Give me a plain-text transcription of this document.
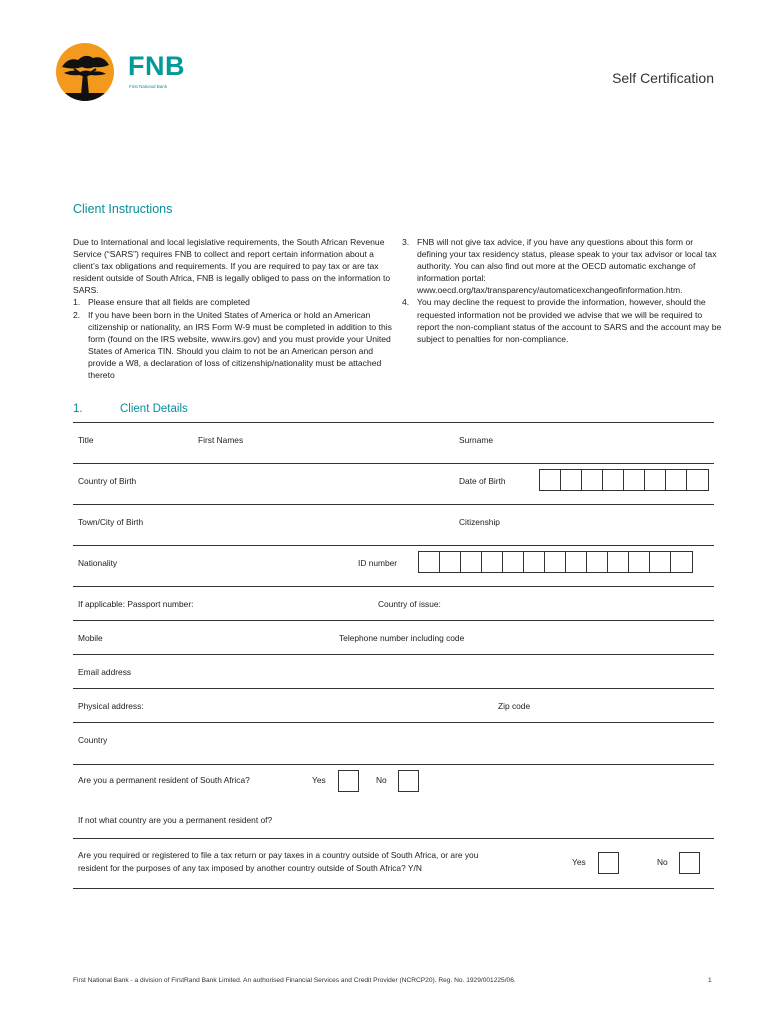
FNB
First National Bank
Self Certification
Client Instructions

Due to International and local legislative requirements, the South African Revenue Service (“SARS”) requires FNB to collect and report certain information about a client’s tax obligations and requirements. If you are required to pay tax or are tax resident outside of South Africa, FNB is legally obliged to pass on the information to SARS.

1. Please ensure that all fields are completed
2. If you have been born in the United States of America or hold an American citizenship or nationality, an IRS Form W-9 must be completed in addition to this form (found on the IRS website, www.irs.gov) and you must provide your United States of America TIN. Should you claim to not be an American person and provide a W8, a declaration of loss of citizenship/nationality must be attached thereto
3. FNB will not give tax advice, if you have any questions about this form or defining your tax residency status, please speak to your tax advisor or local tax authority. You can also find out more at the OECD automatic exchange of information portal: www.oecd.org/tax/transparency/automaticexchangeofinformation.htm.
4. You may decline the request to provide the information, however, should the requested information not be provided we advise that we will be required to report the non-compliant status of the account to SARS and the account may be subject to penalties for non-compliance.
1.	Client Details
Title	First Names	Surname
Country of Birth	Date of Birth
Town/City of Birth	Citizenship
Nationality	ID number
If applicable: Passport number:	Country of issue:
Mobile	Telephone number including code
Email address
Physical address:	Zip code
Country
Are you a permanent resident of South Africa?	Yes	No
If not what country are you a permanent resident of?
Are you required or registered to file a tax return or pay taxes in a country outside of South Africa, or are you
resident for the purposes of any tax imposed by another country outside of South Africa? Y/N
Yes	No
First National Bank - a division of FirstRand Bank Limited. An authorised Financial Services and Credit Provider (NCRCP20). Reg. No. 1929/001225/06.	1
